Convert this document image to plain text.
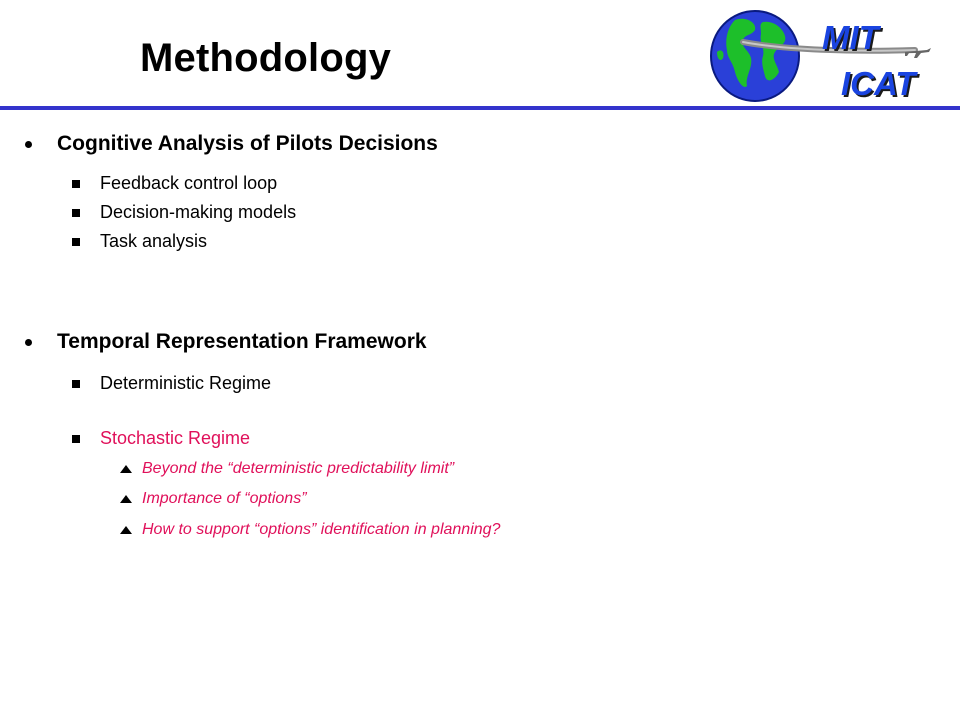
Methodology	MIT
ICAT
Cognitive Analysis of Pilots Decisions
Feedback control loop
Decision-making models
Task analysis
Temporal Representation Framework
Deterministic Regime
Stochastic Regime
Beyond the “deterministic predictability limit”
Importance of “options”
How to support “options” identification in planning?
